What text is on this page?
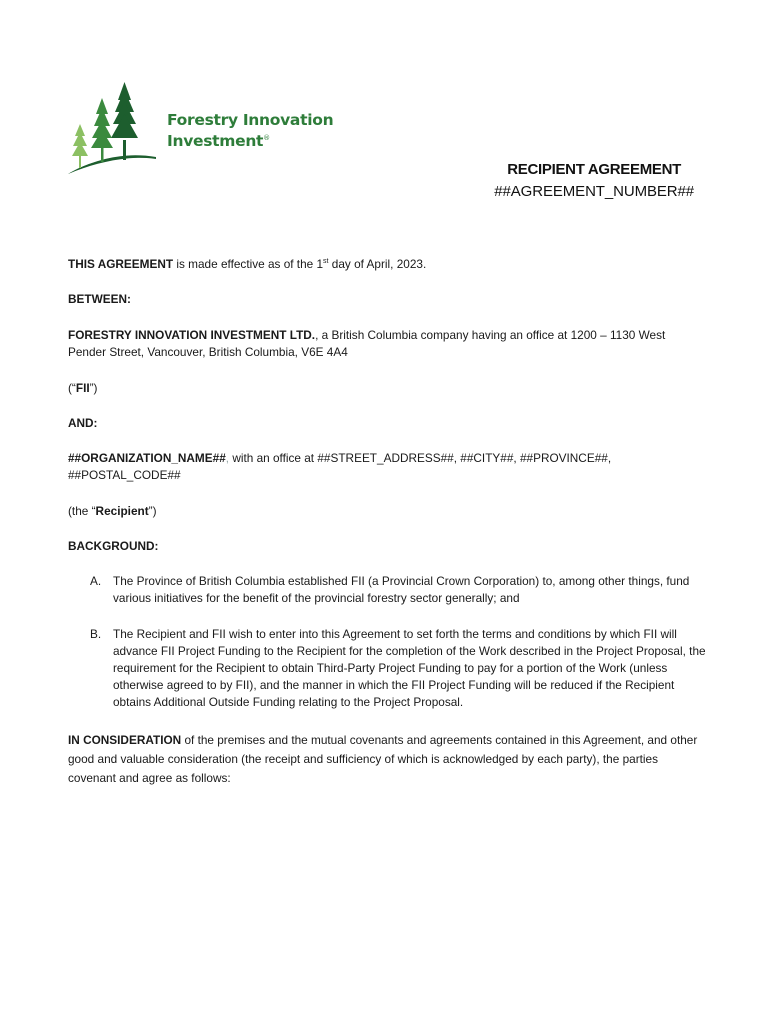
Forestry Innovation
Investment®
RECIPIENT AGREEMENT
##AGREEMENT_NUMBER##

THIS AGREEMENT is made effective as of the 1st day of April, 2023.

BETWEEN:

FORESTRY INNOVATION INVESTMENT LTD., a British Columbia company having an office at 1200 – 1130 West Pender Street, Vancouver, British Columbia, V6E 4A4

(“FII”)

AND:

##ORGANIZATION_NAME##, with an office at ##STREET_ADDRESS##, ##CITY##, ##PROVINCE##, ##POSTAL_CODE##

(the “Recipient”)

BACKGROUND:

A. The Province of British Columbia established FII (a Provincial Crown Corporation) to, among other things, fund various initiatives for the benefit of the provincial forestry sector generally; and
B. The Recipient and FII wish to enter into this Agreement to set forth the terms and conditions by which FII will advance FII Project Funding to the Recipient for the completion of the Work described in the Project Proposal, the requirement for the Recipient to obtain Third-Party Project Funding to pay for a portion of the Work (unless otherwise agreed to by FII), and the manner in which the FII Project Funding will be reduced if the Recipient obtains Additional Outside Funding relating to the Project Proposal.

IN CONSIDERATION of the premises and the mutual covenants and agreements contained in this Agreement, and other good and valuable consideration (the receipt and sufficiency of which is acknowledged by each party), the parties covenant and agree as follows:
